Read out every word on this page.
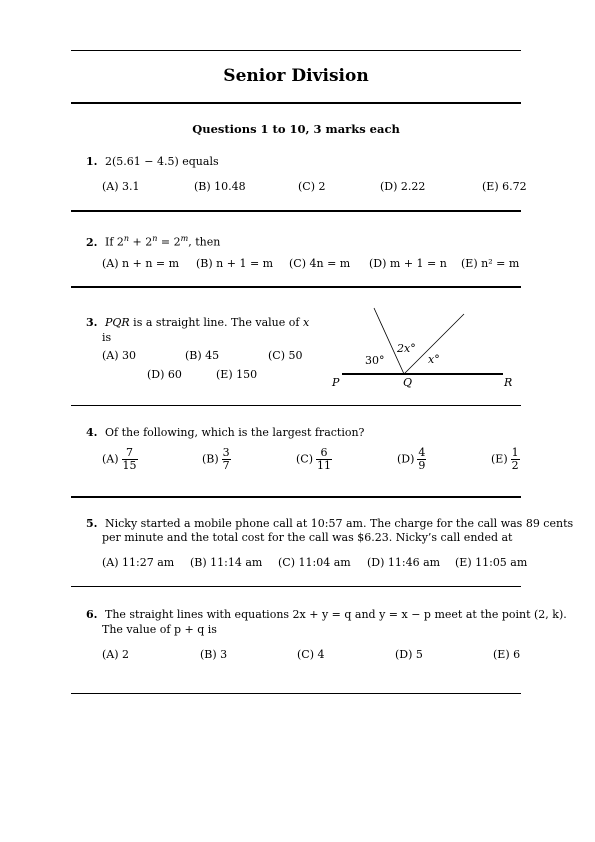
Senior Division
Questions 1 to 10, 3 marks each
1. 2(5.61 − 4.5) equals
(A) 3.1	(B) 10.48	(C) 2	(D) 2.22	(E) 6.72
2. If $2^n + 2^n = 2^m$, then
(A) n + n = m (B) n + 1 = m (C) 4n = m (D) m + 1 = n (E) n² = m
3. PQR is a straight line. The value of x
is
(A) 30	(B) 45	(C) 50
(D) 60	(E) 150
30°
2x°
x°
P	Q	R
4. Of the following, which is the largest fraction?
$(A) \frac{7}{15}$	$(B) \frac{3}{7}$	$(C) \frac{6}{11}$	$(D) \frac{4}{9}$	$(E) \frac{1}{2}$
5. Nicky started a mobile phone call at 10:57 am. The charge for the call was 89 cents
per minute and the total cost for the call was $6.23. Nicky’s call ended at
(A) 11:27 am (B) 11:14 am (C) 11:04 am (D) 11:46 am (E) 11:05 am
6. The straight lines with equations 2x + y = q and y = x − p meet at the point (2, k).
The value of p + q is
(A) 2	(B) 3	(C) 4	(D) 5	(E) 6
